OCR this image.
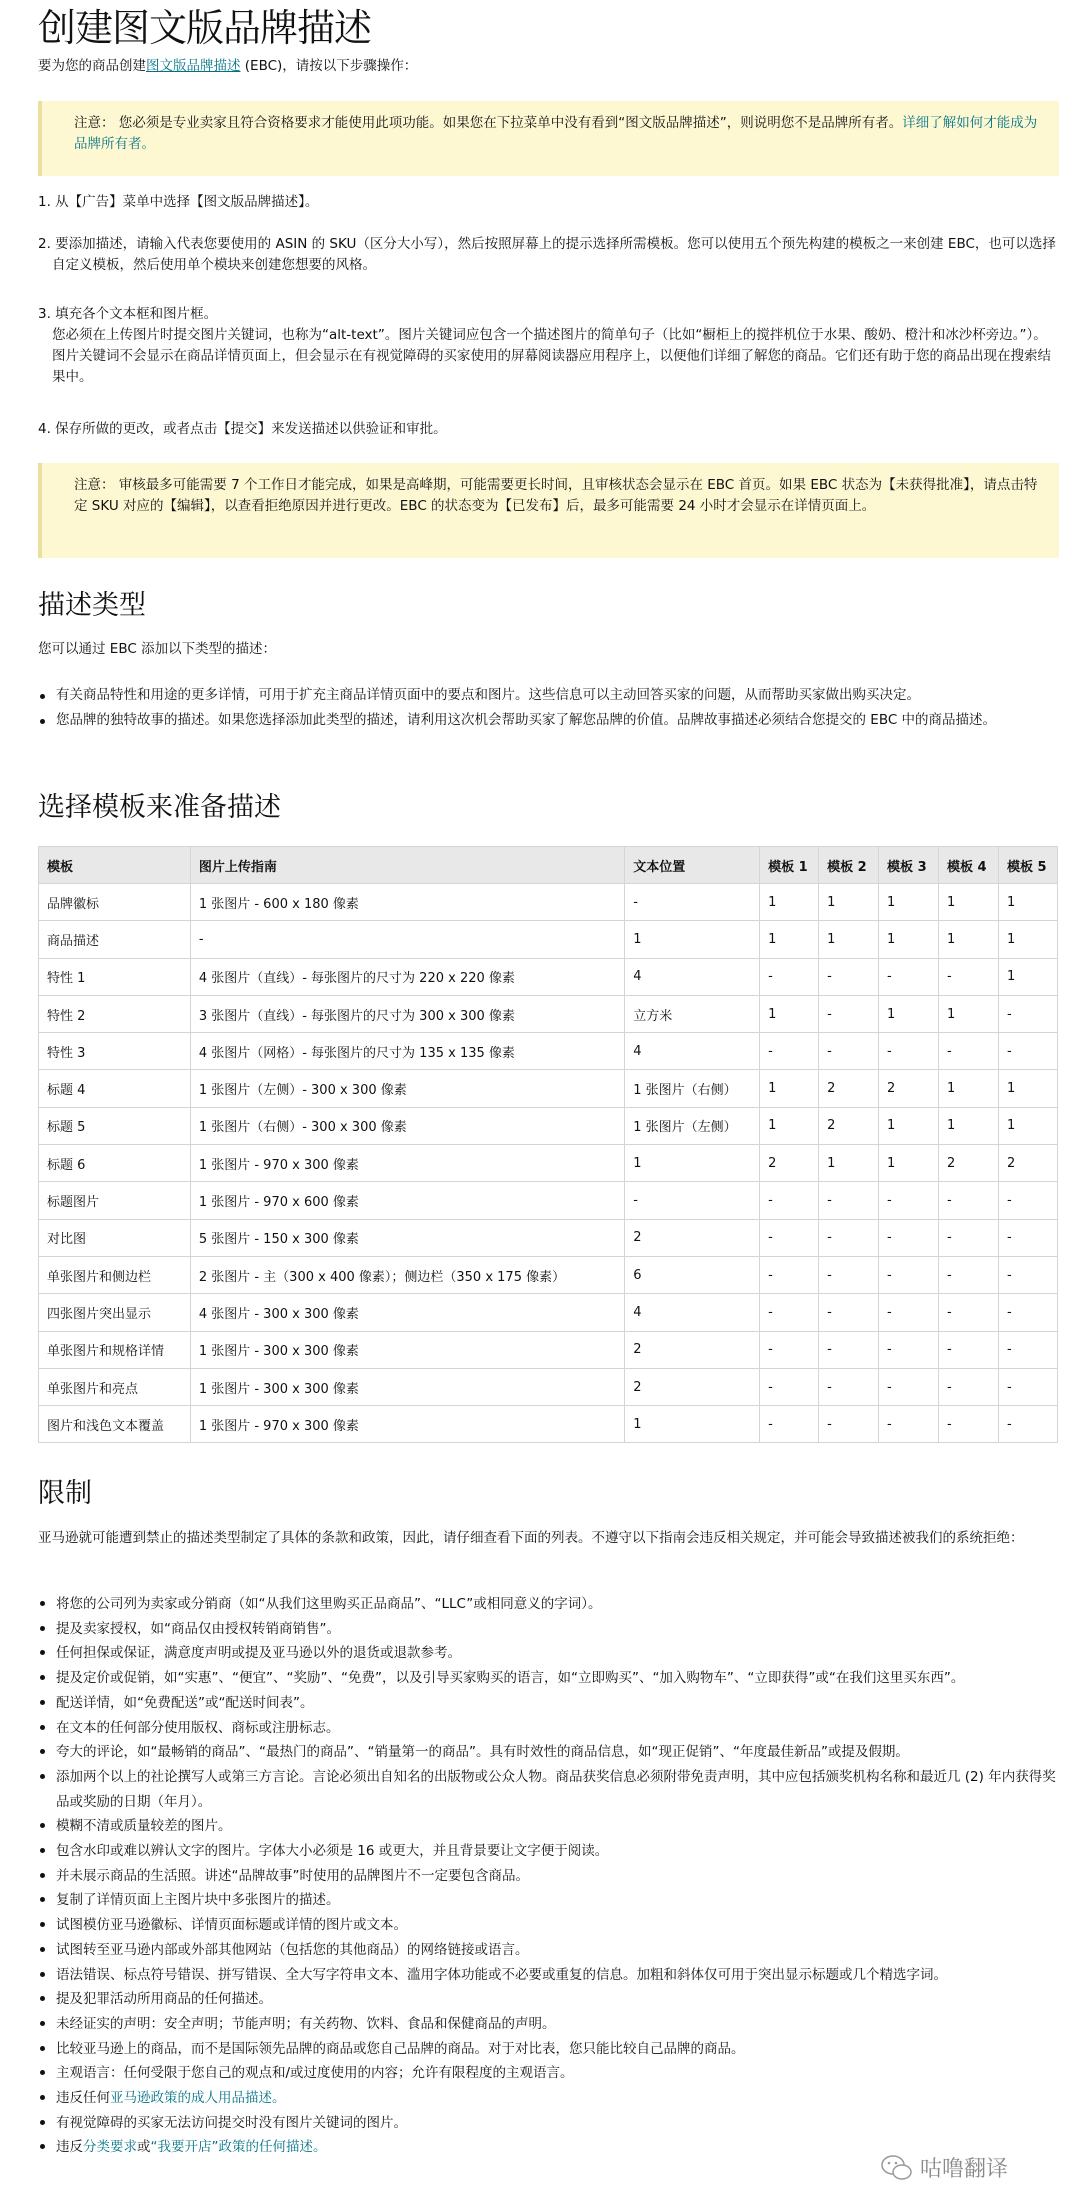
创建图文版品牌描述
要为您的商品创建图文版品牌描述 (EBC)，请按以下步骤操作：
注意： 您必须是专业卖家且符合资格要求才能使用此项功能。如果您在下拉菜单中没有看到“图文版品牌描述”，则说明您不是品牌所有者。详细了解如何才能成为品牌所有者。
1. 从【广告】菜单中选择【图文版品牌描述】。
2. 要添加描述，请输入代表您要使用的 ASIN 的 SKU（区分大小写），然后按照屏幕上的提示选择所需模板。您可以使用五个预先构建的模板之一来创建 EBC，也可以选择自定义模板，然后使用单个模块来创建您想要的风格。
3. 填充各个文本框和图片框。
您必须在上传图片时提交图片关键词，也称为“alt-text”。图片关键词应包含一个描述图片的简单句子（比如“橱柜上的搅拌机位于水果、酸奶、橙汁和冰沙杯旁边。”）。图片关键词不会显示在商品详情页面上，但会显示在有视觉障碍的买家使用的屏幕阅读器应用程序上，以便他们详细了解您的商品。它们还有助于您的商品出现在搜索结果中。
4. 保存所做的更改，或者点击【提交】来发送描述以供验证和审批。
注意： 审核最多可能需要 7 个工作日才能完成，如果是高峰期，可能需要更长时间，且审核状态会显示在 EBC 首页。如果 EBC 状态为【未获得批准】，请点击特定 SKU 对应的【编辑】，以查看拒绝原因并进行更改。EBC 的状态变为【已发布】后，最多可能需要 24 小时才会显示在详情页面上。
描述类型
您可以通过 EBC 添加以下类型的描述：
有关商品特性和用途的更多详情，可用于扩充主商品详情页面中的要点和图片。这些信息可以主动回答买家的问题，从而帮助买家做出购买决定。
您品牌的独特故事的描述。如果您选择添加此类型的描述，请利用这次机会帮助买家了解您品牌的价值。品牌故事描述必须结合您提交的 EBC 中的商品描述。
选择模板来准备描述
模板	图片上传指南	文本位置	模板 1	模板 2	模板 3	模板 4	模板 5
品牌徽标	1 张图片 - 600 x 180 像素	-	1	1	1	1	1
商品描述	-	1	1	1	1	1	1
特性 1	4 张图片（直线）- 每张图片的尺寸为 220 x 220 像素	4	-	-	-	-	1
特性 2	3 张图片（直线）- 每张图片的尺寸为 300 x 300 像素	立方米	1	-	1	1	-
特性 3	4 张图片（网格）- 每张图片的尺寸为 135 x 135 像素	4	-	-	-	-	-
标题 4	1 张图片（左侧）- 300 x 300 像素	1 张图片（右侧）	1	2	2	1	1
标题 5	1 张图片（右侧）- 300 x 300 像素	1 张图片（左侧）	1	2	1	1	1
标题 6	1 张图片 - 970 x 300 像素	1	2	1	1	2	2
标题图片	1 张图片 - 970 x 600 像素	-	-	-	-	-	-
对比图	5 张图片 - 150 x 300 像素	2	-	-	-	-	-
单张图片和侧边栏	2 张图片 - 主（300 x 400 像素）；侧边栏（350 x 175 像素）	6	-	-	-	-	-
四张图片突出显示	4 张图片 - 300 x 300 像素	4	-	-	-	-	-
单张图片和规格详情	1 张图片 - 300 x 300 像素	2	-	-	-	-	-
单张图片和亮点	1 张图片 - 300 x 300 像素	2	-	-	-	-	-
图片和浅色文本覆盖	1 张图片 - 970 x 300 像素	1	-	-	-	-	-
限制
亚马逊就可能遭到禁止的描述类型制定了具体的条款和政策，因此，请仔细查看下面的列表。不遵守以下指南会违反相关规定，并可能会导致描述被我们的系统拒绝：
将您的公司列为卖家或分销商（如“从我们这里购买正品商品”、“LLC”或相同意义的字词）。
提及卖家授权，如“商品仅由授权转销商销售”。
任何担保或保证，满意度声明或提及亚马逊以外的退货或退款参考。
提及定价或促销，如“实惠”、“便宜”、“奖励”、“免费”，以及引导买家购买的语言，如“立即购买”、“加入购物车”、“立即获得”或“在我们这里买东西”。
配送详情，如“免费配送”或“配送时间表”。
在文本的任何部分使用版权、商标或注册标志。
夸大的评论，如“最畅销的商品”、“最热门的商品”、“销量第一的商品”。具有时效性的商品信息，如“现正促销”、“年度最佳新品”或提及假期。
添加两个以上的社论撰写人或第三方言论。言论必须出自知名的出版物或公众人物。商品获奖信息必须附带免责声明，其中应包括颁奖机构名称和最近几 (2) 年内获得奖品或奖励的日期（年月）。
模糊不清或质量较差的图片。
包含水印或难以辨认文字的图片。字体大小必须是 16 或更大，并且背景要让文字便于阅读。
并未展示商品的生活照。讲述“品牌故事”时使用的品牌图片不一定要包含商品。
复制了详情页面上主图片块中多张图片的描述。
试图模仿亚马逊徽标、详情页面标题或详情的图片或文本。
试图转至亚马逊内部或外部其他网站（包括您的其他商品）的网络链接或语言。
语法错误、标点符号错误、拼写错误、全大写字符串文本、滥用字体功能或不必要或重复的信息。加粗和斜体仅可用于突出显示标题或几个精选字词。
提及犯罪活动所用商品的任何描述。
未经证实的声明：安全声明；节能声明；有关药物、饮料、食品和保健商品的声明。
比较亚马逊上的商品，而不是国际领先品牌的商品或您自己品牌的商品。对于对比表，您只能比较自己品牌的商品。
主观语言：任何受限于您自己的观点和/或过度使用的内容；允许有限程度的主观语言。
违反任何亚马逊政策的成人用品描述。
有视觉障碍的买家无法访问提交时没有图片关键词的图片。
违反分类要求或“我要开店”政策的任何描述。
咕噜翻译
